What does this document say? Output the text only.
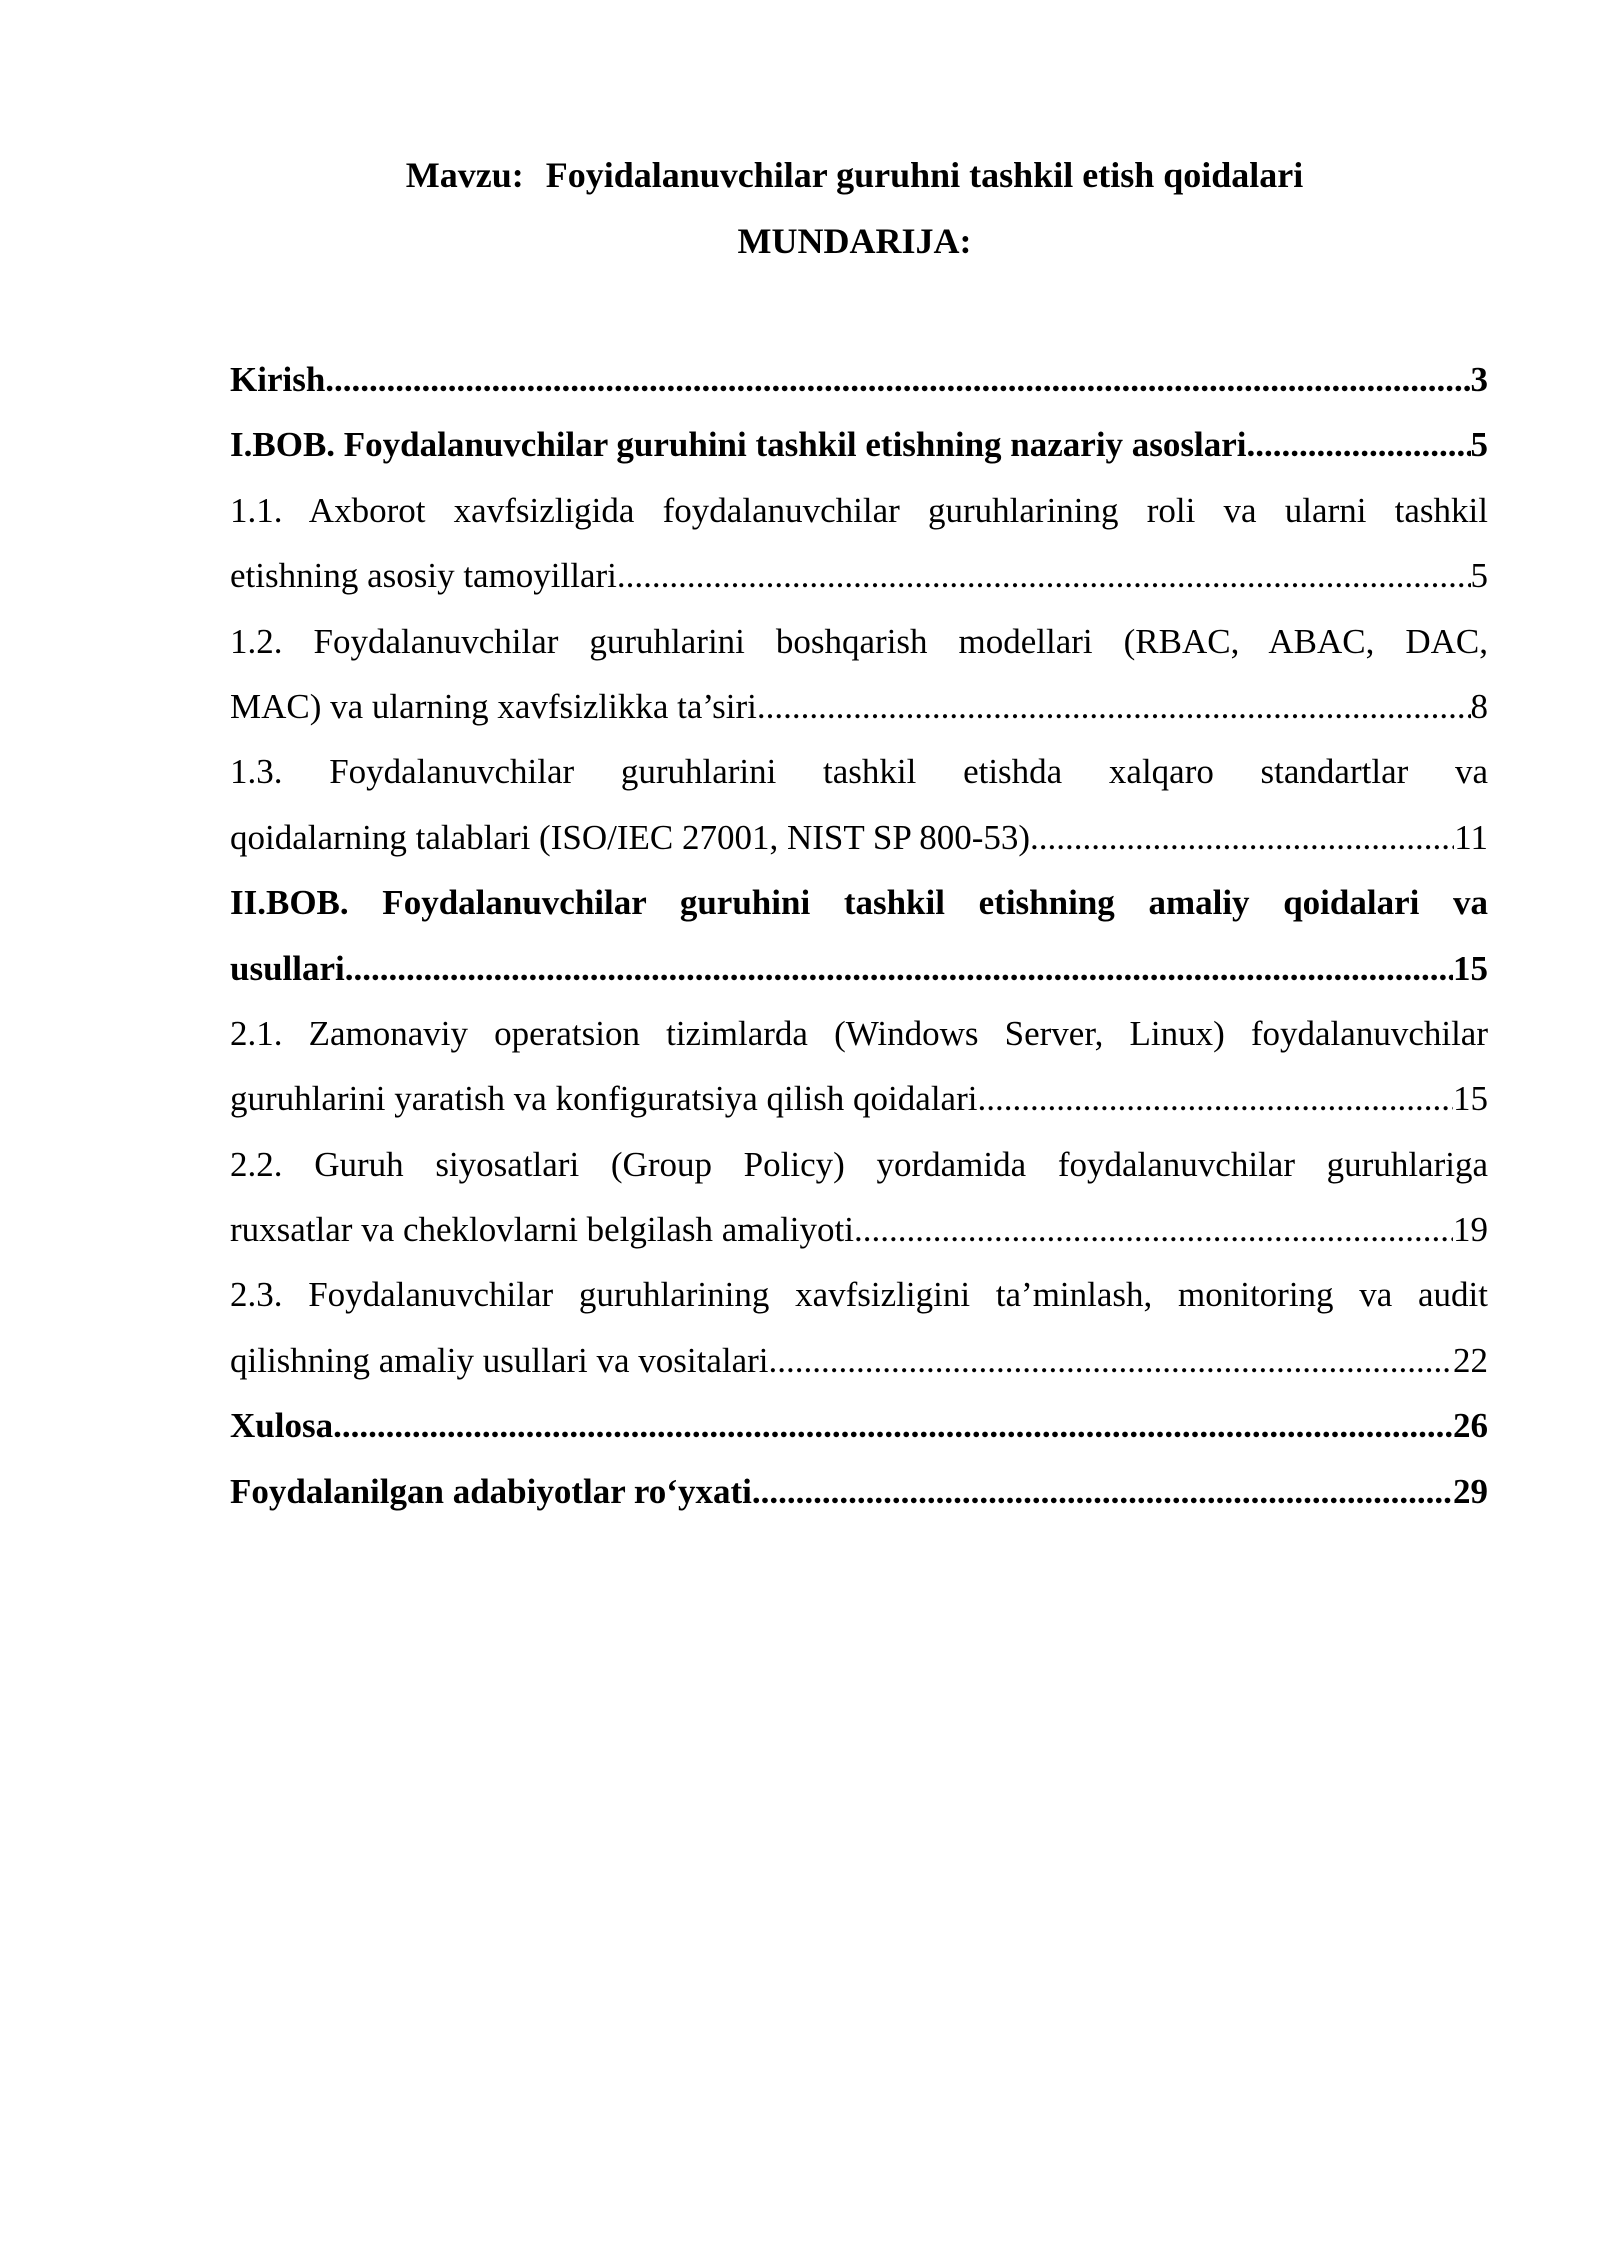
Mavzu: Foyidalanuvchilar guruhni tashkil etish qoidalari
MUNDARIJA:
Kirish .....	3
I.BOB. Foydalanuvchilar guruhini tashkil etishning nazariy asoslari .....	5
1.1. Axborot xavfsizligida foydalanuvchilar guruhlarining roli va ularni tashkil
etishning asosiy tamoyillari .....	5
1.2. Foydalanuvchilar guruhlarini boshqarish modellari (RBAC, ABAC, DAC,
MAC) va ularning xavfsizlikka ta’siri .....	8
1.3. Foydalanuvchilar guruhlarini tashkil etishda xalqaro standartlar va
qoidalarning talablari (ISO/IEC 27001, NIST SP 800-53). .....	11
II.BOB. Foydalanuvchilar guruhini tashkil etishning amaliy qoidalari va
usullari .....	15
2.1. Zamonaviy operatsion tizimlarda (Windows Server, Linux) foydalanuvchilar
guruhlarini yaratish va konfiguratsiya qilish qoidalari .....	15
2.2. Guruh siyosatlari (Group Policy) yordamida foydalanuvchilar guruhlariga
ruxsatlar va cheklovlarni belgilash amaliyoti .....	19
2.3. Foydalanuvchilar guruhlarining xavfsizligini ta’minlash, monitoring va audit
qilishning amaliy usullari va vositalari .....	22
Xulosa .....	26
Foydalanilgan adabiyotlar ro‘yxati .....	29
